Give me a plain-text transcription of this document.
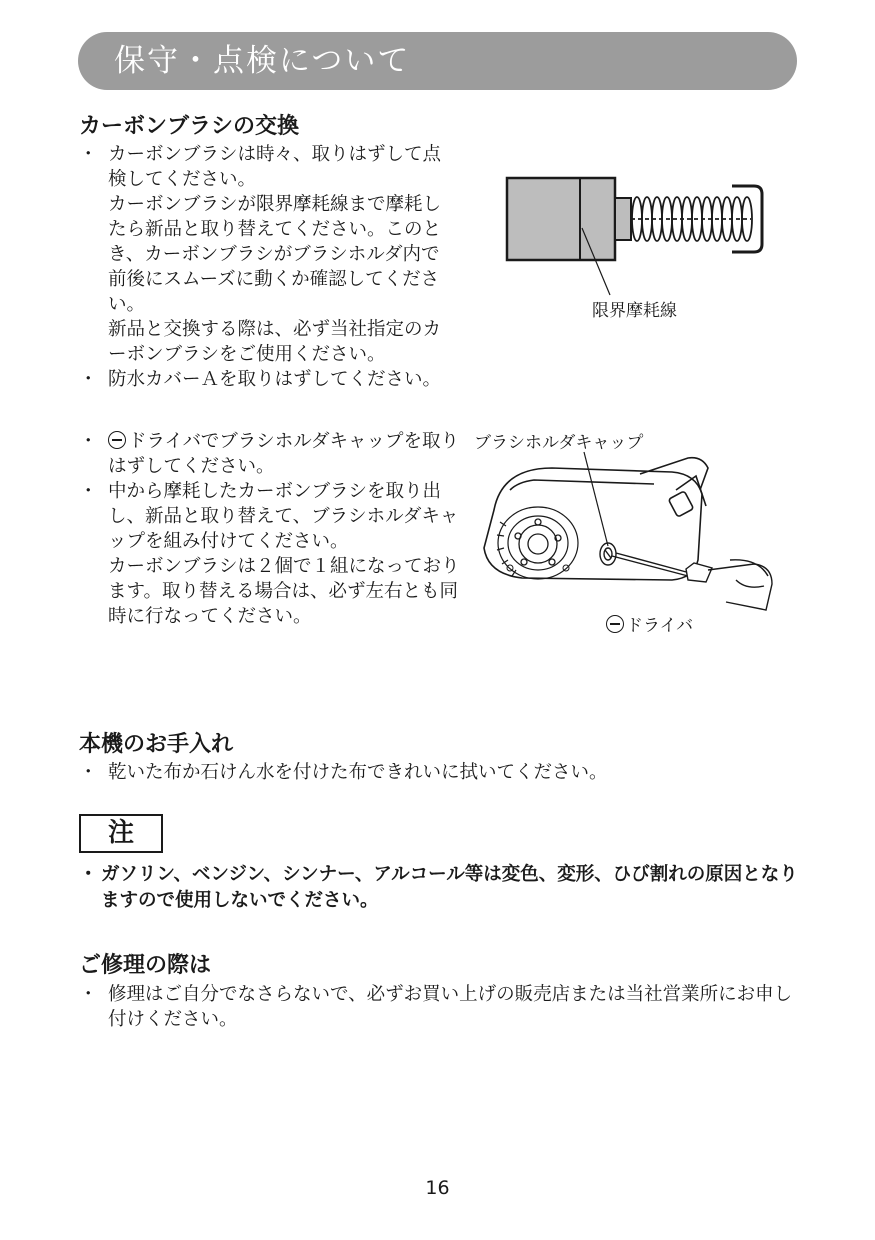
保守・点検について
カーボンブラシの交換
・ カーボンブラシは時々、取りはずして点検してください。
カーボンブラシが限界摩耗線まで摩耗したら新品と取り替えてください。このとき、カーボンブラシがブラシホルダ内で前後にスムーズに動くか確認してください。
新品と交換する際は、必ず当社指定のカーボンブラシをご使用ください。
・ 防水カバーＡを取りはずしてください。
限界摩耗線
・	ドライバでブラシホルダキャップを取りはずしてください。
・ 中から摩耗したカーボンブラシを取り出し、新品と取り替えて、ブラシホルダキャップを組み付けてください。
カーボンブラシは２個で１組になっております。取り替える場合は、必ず左右とも同時に行なってください。
ブラシホルダキャップ
ドライバ
本機のお手入れ
・ 乾いた布か石けん水を付けた布できれいに拭いてください。
注

・ ガソリン、ベンジン、シンナー、アルコール等は変色、変形、ひび割れの原因となりますので使用しないでください。

ご修理の際は
・ 修理はご自分でなさらないで、必ずお買い上げの販売店または当社営業所にお申し付けください。
16
